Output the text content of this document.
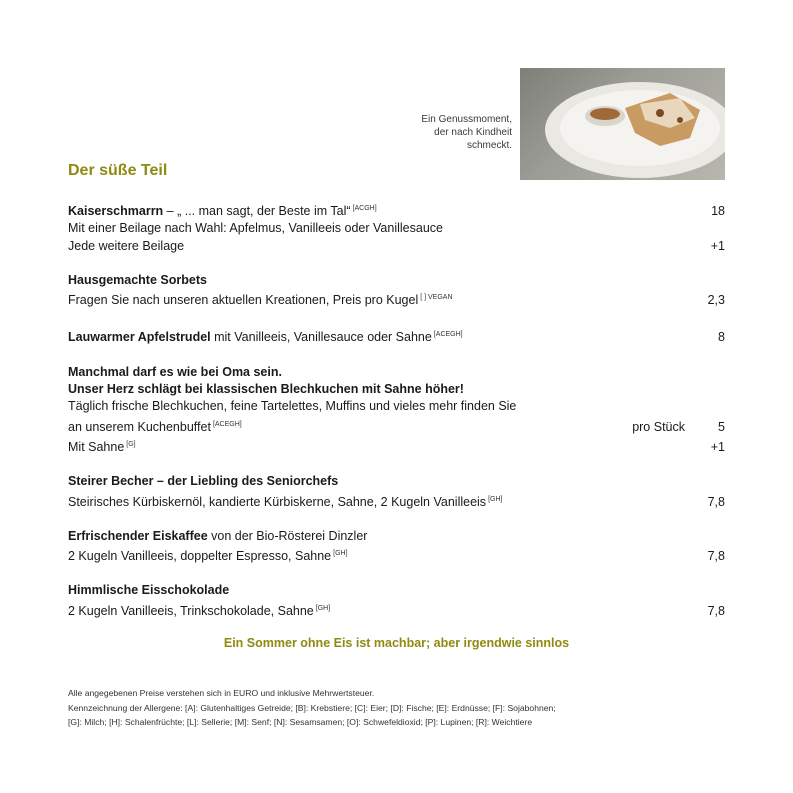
Ein Genussmoment,
der nach Kindheit
schmeckt.
Der süße Teil
Kaiserschmarrn – „ ... man sagt, der Beste im Tal“ [ACGH]	18
Mit einer Beilage nach Wahl: Apfelmus, Vanilleeis oder Vanillesauce
Jede weitere Beilage	+1
Hausgemachte Sorbets
Fragen Sie nach unseren aktuellen Kreationen, Preis pro Kugel $^{[ ] VEGAN}$	2,3
Lauwarmer Apfelstrudel mit Vanilleeis, Vanillesauce oder Sahne [ACEGH]	8
Manchmal darf es wie bei Oma sein.
Unser Herz schlägt bei klassischen Blechkuchen mit Sahne höher!
Täglich frische Blechkuchen, feine Tartelettes, Muffins und vieles mehr finden Sie
an unserem Kuchenbuffet [ACEGH]	pro Stück	5
Mit Sahne [G]	+1
Steirer Becher – der Liebling des Seniorchefs
Steirisches Kürbiskernöl, kandierte Kürbiskerne, Sahne, 2 Kugeln Vanilleeis [GH]	7,8
Erfrischender Eiskaffee von der Bio-Rösterei Dinzler
2 Kugeln Vanilleeis, doppelter Espresso, Sahne [GH]	7,8
Himmlische Eisschokolade
2 Kugeln Vanilleeis, Trinkschokolade, Sahne [GH]	7,8
Ein Sommer ohne Eis ist machbar; aber irgendwie sinnlos
Alle angegebenen Preise verstehen sich in EURO und inklusive Mehrwertsteuer.
Kennzeichnung der Allergene: [A]: Glutenhaltiges Getreide; [B]: Krebstiere; [C]: Eier; [D]: Fische; [E]: Erdnüsse; [F]: Sojabohnen;
[G]: Milch; [H]: Schalenfrüchte; [L]: Sellerie; [M]: Senf; [N]: Sesamsamen; [O]: Schwefeldioxid; [P]: Lupinen; [R]: Weichtiere
